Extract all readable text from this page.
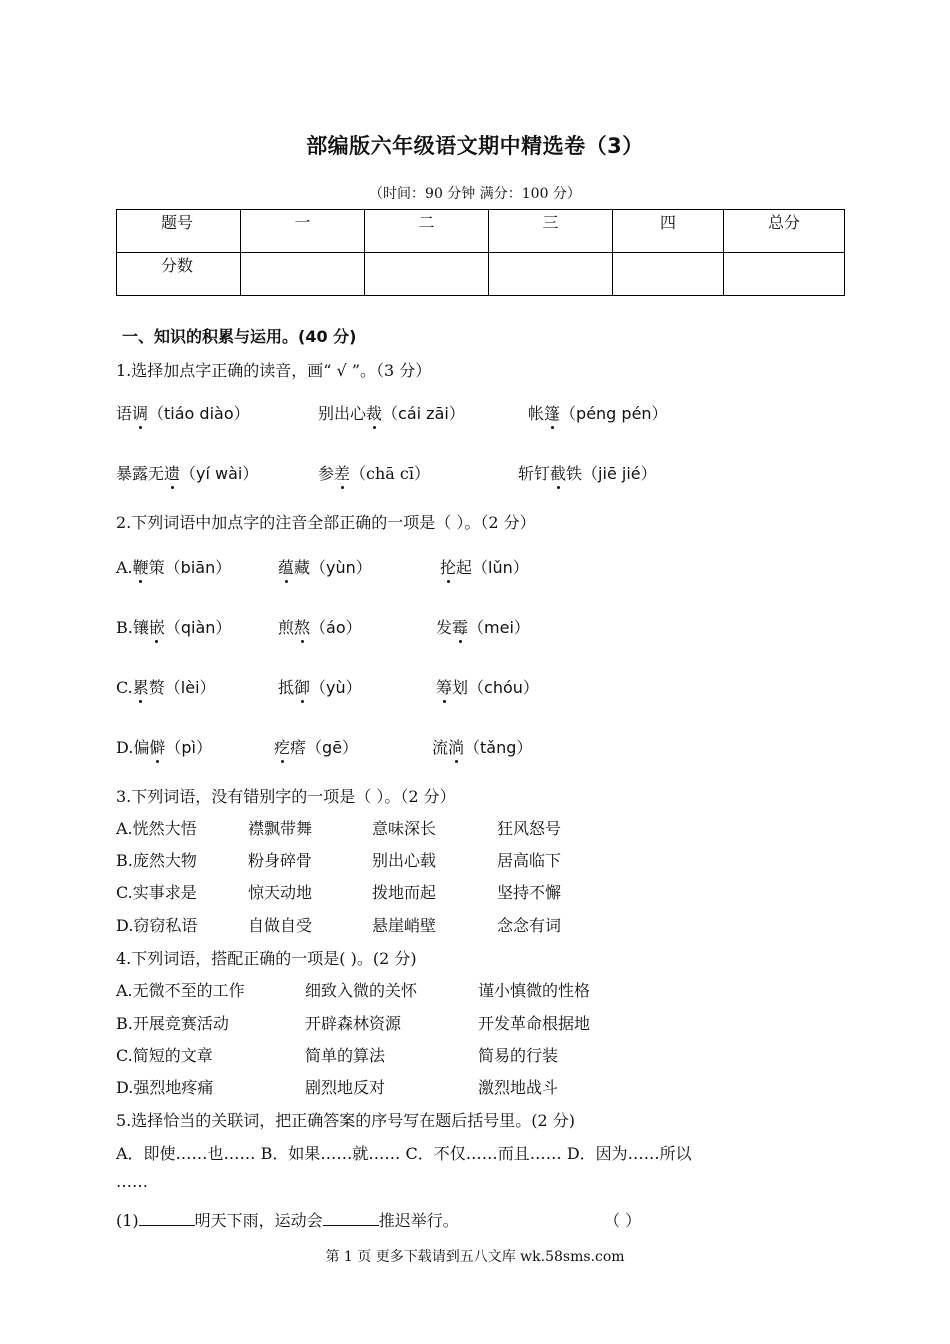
部编版六年级语文期中精选卷（3）
（时间：90 分钟 满分：100 分）
题号	一	二	三	四	总分
分数					
一、知识的积累与运用。(40 分)
1.选择加点字正确的读音，画“ √ ”。（3 分）
语调（tiáo diào）	别出心裁（cái zāi）	帐篷（péng pén）
暴露无遗（yí wài）	参差（chā cī）	斩钉截铁（jiē jié）
2.下列词语中加点字的注音全部正确的一项是（ ）。（2 分）
A.鞭策（biān）	蕴藏（yùn）	抡起（lǔn）
B.镶嵌（qiàn）	煎熬（áo）	发霉（mei）
C.累赘（lèi）	抵御（yù）	筹划（chóu）
D.偏僻（pì）	疙瘩（gē）	流淌（tǎng）
3.下列词语，没有错别字的一项是（ ）。（2 分）
A.恍然大悟	襟飘带舞	意味深长	狂风怒号
B.庞然大物	粉身碎骨	别出心载	居高临下
C.实事求是	惊天动地	拨地而起	坚持不懈
D.窃窃私语	自做自受	悬崖峭壁	念念有词
4.下列词语，搭配正确的一项是( )。(2 分)
A.无微不至的工作	细致入微的关怀	谨小慎微的性格
B.开展竞赛活动	开辟森林资源	开发革命根据地
C.简短的文章	简单的算法	简易的行装
D.强烈地疼痛	剧烈地反对	激烈地战斗
5.选择恰当的关联词，把正确答案的序号写在题后括号里。(2 分)
A．即使……也…… B．如果……就…… C．不仅……而且…… D．因为……所以
……
(1)	明天下雨，运动会	推迟举行。	（ ）
第 1 页 更多下载请到五八文库 wk.58sms.com
